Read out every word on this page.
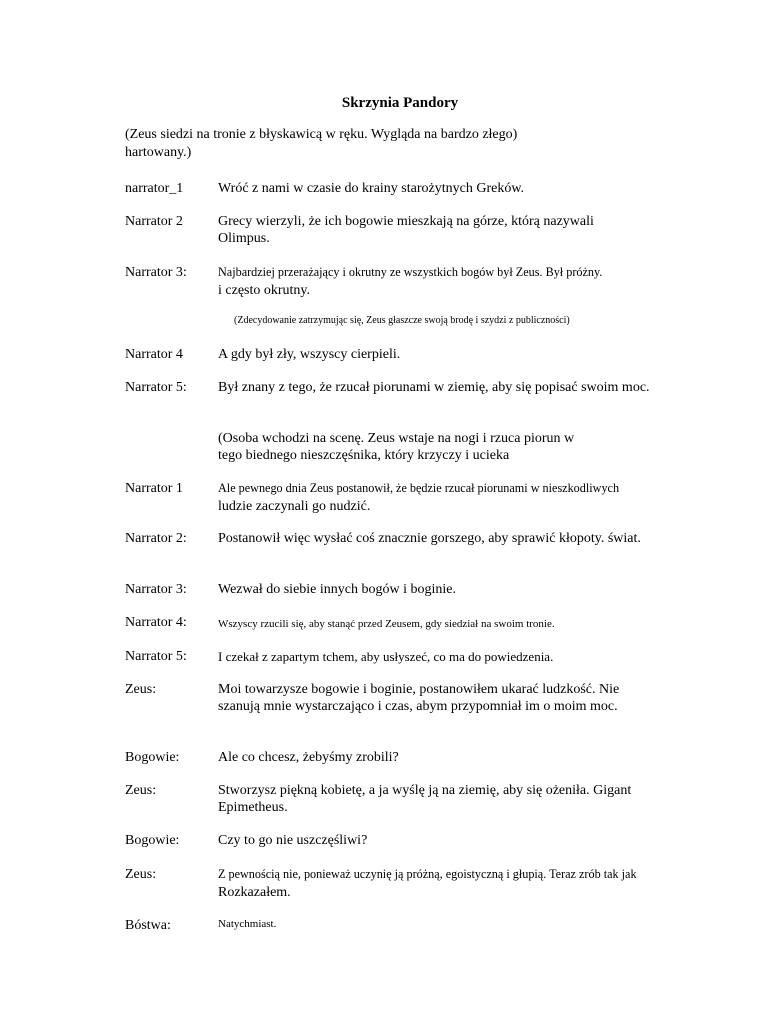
Skrzynia Pandory
(Zeus siedzi na tronie z błyskawicą w ręku. Wygląda na bardzo złego) hartowany.)
narrator_1	Wróć z nami w czasie do krainy starożytnych Greków.
Narrator 2	Grecy wierzyli, że ich bogowie mieszkają na górze, którą nazywali Olimpus.
Narrator 3:	Najbardziej przerażający i okrutny ze wszystkich bogów był Zeus. Był próżny.
i często okrutny.
(Zdecydowanie zatrzymując się, Zeus głaszcze swoją brodę i szydzi z publiczności)
Narrator 4	A gdy był zły, wszyscy cierpieli.
Narrator 5:	Był znany z tego, że rzucał piorunami w ziemię, aby się popisać swoim moc.
(Osoba wchodzi na scenę. Zeus wstaje na nogi i rzuca piorun w tego biednego nieszczęśnika, który krzyczy i ucieka
Narrator 1	Ale pewnego dnia Zeus postanowił, że będzie rzucał piorunami w nieszkodliwych
ludzie zaczynali go nudzić.
Narrator 2:	Postanowił więc wysłać coś znacznie gorszego, aby sprawić kłopoty. świat.
Narrator 3:	Wezwał do siebie innych bogów i boginie.
Narrator 4:	Wszyscy rzucili się, aby stanąć przed Zeusem, gdy siedział na swoim tronie.
Narrator 5:	I czekał z zapartym tchem, aby usłyszeć, co ma do powiedzenia.
Zeus:	Moi towarzysze bogowie i boginie, postanowiłem ukarać ludzkość. Nie szanują mnie wystarczająco i czas, abym przypomniał im o moim moc.
Bogowie:	Ale co chcesz, żebyśmy zrobili?
Zeus:	Stworzysz piękną kobietę, a ja wyślę ją na ziemię, aby się ożeniła. Gigant Epimetheus.
Bogowie:	Czy to go nie uszczęśliwi?
Zeus:	Z pewnością nie, ponieważ uczynię ją próżną, egoistyczną i głupią. Teraz zrób tak jak
Rozkazałem.
Bóstwa:	Natychmiast.
